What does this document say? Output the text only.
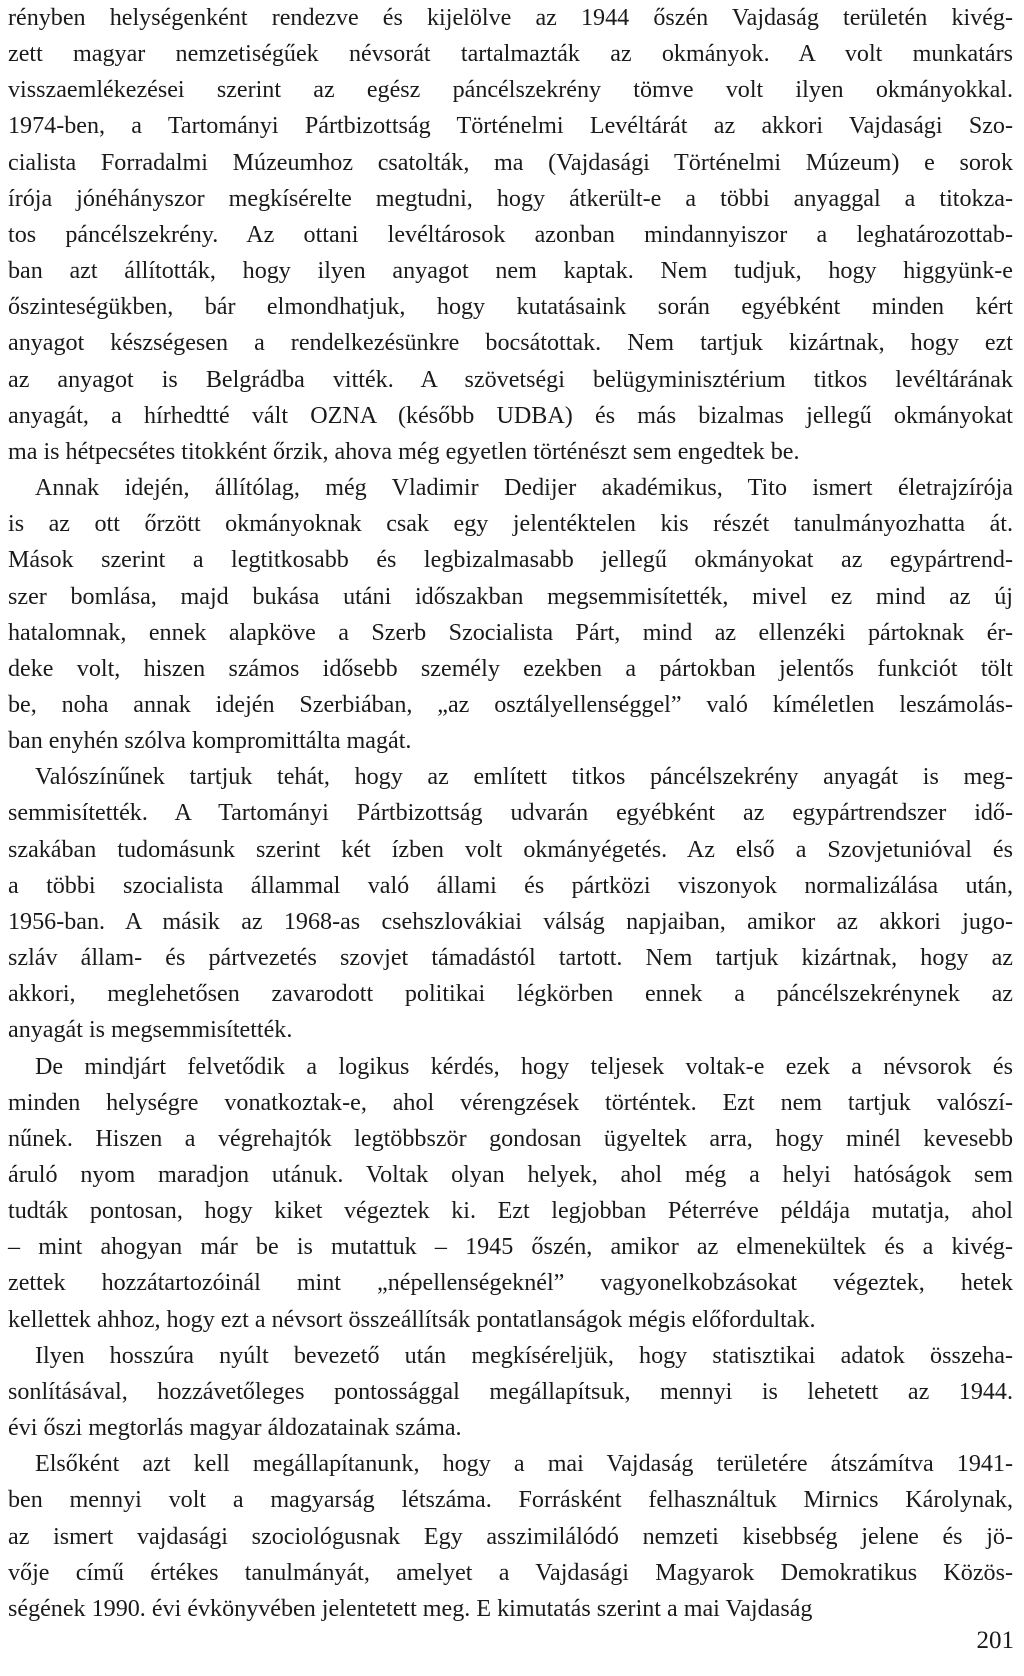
rényben helységenként rendezve és kijelölve az 1944 őszén Vajdaság területén kivég-
zett magyar nemzetiségűek névsorát tartalmazták az okmányok. A volt munkatárs
visszaemlékezései szerint az egész páncélszekrény tömve volt ilyen okmányokkal.
1974-ben, a Tartományi Pártbizottság Történelmi Levéltárát az akkori Vajdasági Szo-
cialista Forradalmi Múzeumhoz csatolták, ma (Vajdasági Történelmi Múzeum) e sorok
írója jónéhányszor megkísérelte megtudni, hogy átkerült-e a többi anyaggal a titokza-
tos páncélszekrény. Az ottani levéltárosok azonban mindannyiszor a leghatározottab-
ban azt állították, hogy ilyen anyagot nem kaptak. Nem tudjuk, hogy higgyünk-e
őszinteségükben, bár elmondhatjuk, hogy kutatásaink során egyébként minden kért
anyagot készségesen a rendelkezésünkre bocsátottak. Nem tartjuk kizártnak, hogy ezt
az anyagot is Belgrádba vitték. A szövetségi belügyminisztérium titkos levéltárának
anyagát, a hírhedtté vált OZNA (később UDBA) és más bizalmas jellegű okmányokat
ma is hétpecsétes titokként őrzik, ahova még egyetlen történészt sem engedtek be.

Annak idején, állítólag, még Vladimir Dedijer akadémikus, Tito ismert életrajzírója
is az ott őrzött okmányoknak csak egy jelentéktelen kis részét tanulmányozhatta át.
Mások szerint a legtitkosabb és legbizalmasabb jellegű okmányokat az egypártrend-
szer bomlása, majd bukása utáni időszakban megsemmisítették, mivel ez mind az új
hatalomnak, ennek alapköve a Szerb Szocialista Párt, mind az ellenzéki pártoknak ér-
deke volt, hiszen számos idősebb személy ezekben a pártokban jelentős funkciót tölt
be, noha annak idején Szerbiában, „az osztályellenséggel” való kíméletlen leszámolás-
ban enyhén szólva kompromittálta magát.

Valószínűnek tartjuk tehát, hogy az említett titkos páncélszekrény anyagát is meg-
semmisítették. A Tartományi Pártbizottság udvarán egyébként az egypártrendszer idő-
szakában tudomásunk szerint két ízben volt okmányégetés. Az első a Szovjetunióval és
a többi szocialista állammal való állami és pártközi viszonyok normalizálása után,
1956-ban. A másik az 1968-as csehszlovákiai válság napjaiban, amikor az akkori jugo-
szláv állam- és pártvezetés szovjet támadástól tartott. Nem tartjuk kizártnak, hogy az
akkori, meglehetősen zavarodott politikai légkörben ennek a páncélszekrénynek az
anyagát is megsemmisítették.

De mindjárt felvetődik a logikus kérdés, hogy teljesek voltak-e ezek a névsorok és
minden helységre vonatkoztak-e, ahol vérengzések történtek. Ezt nem tartjuk valószí-
nűnek. Hiszen a végrehajtók legtöbbször gondosan ügyeltek arra, hogy minél kevesebb
áruló nyom maradjon utánuk. Voltak olyan helyek, ahol még a helyi hatóságok sem
tudták pontosan, hogy kiket végeztek ki. Ezt legjobban Péterréve példája mutatja, ahol
– mint ahogyan már be is mutattuk – 1945 őszén, amikor az elmenekültek és a kivég-
zettek hozzátartozóinál mint „népellenségeknél” vagyonelkobzásokat végeztek, hetek
kellettek ahhoz, hogy ezt a névsort összeállítsák pontatlanságok mégis előfordultak.

Ilyen hosszúra nyúlt bevezető után megkíséreljük, hogy statisztikai adatok összeha-
sonlításával, hozzávetőleges pontossággal megállapítsuk, mennyi is lehetett az 1944.
évi őszi megtorlás magyar áldozatainak száma.

Elsőként azt kell megállapítanunk, hogy a mai Vajdaság területére átszámítva 1941-
ben mennyi volt a magyarság létszáma. Forrásként felhasználtuk Mirnics Károlynak,
az ismert vajdasági szociológusnak Egy asszimilálódó nemzeti kisebbség jelene és jö-
vője című értékes tanulmányát, amelyet a Vajdasági Magyarok Demokratikus Közös-
ségének 1990. évi évkönyvében jelentetett meg. E kimutatás szerint a mai Vajdaság

201
